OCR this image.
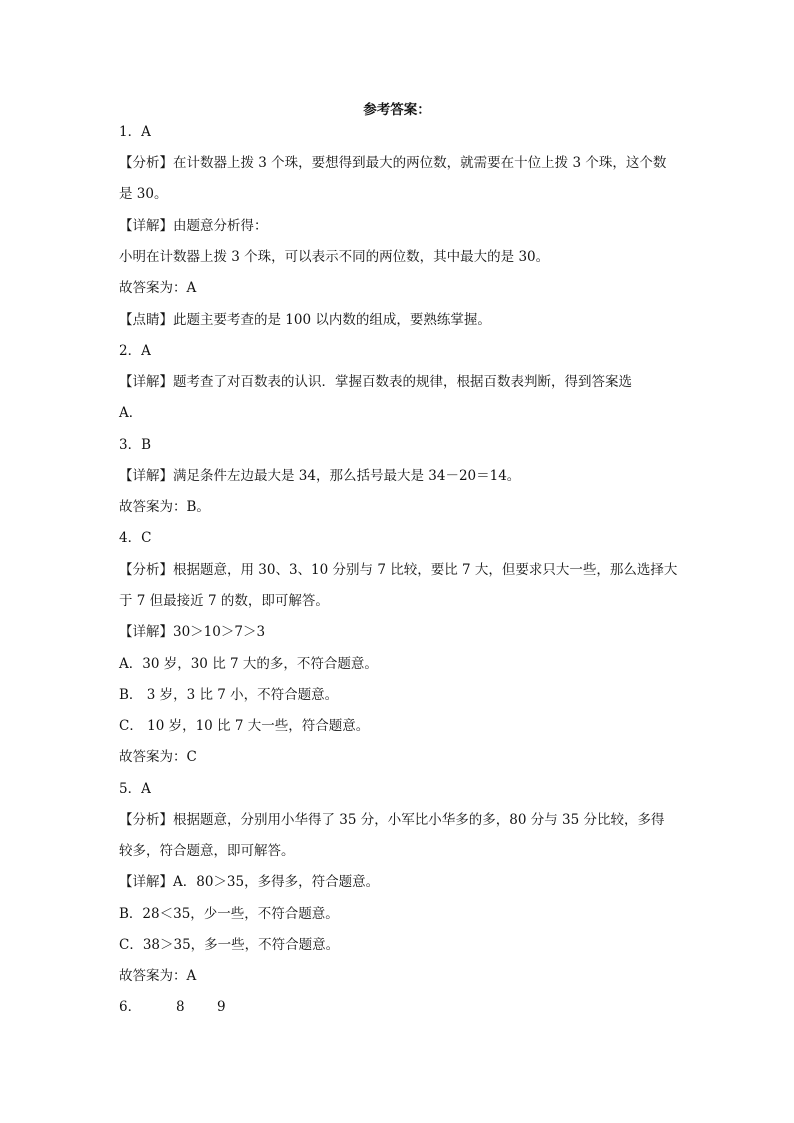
参考答案：
1．A
【分析】在计数器上拨 3 个珠，要想得到最大的两位数，就需要在十位上拨 3 个珠，这个数
是 30。
【详解】由题意分析得：
小明在计数器上拨 3 个珠，可以表示不同的两位数，其中最大的是 30。
故答案为：A
【点睛】此题主要考查的是 100 以内数的组成，要熟练掌握。
2．A
【详解】题考查了对百数表的认识．掌握百数表的规律，根据百数表判断，得到答案选
A．
3．B
【详解】满足条件左边最大是 34，那么括号最大是 34－20＝14。
故答案为：B。
4．C
【分析】根据题意，用 30、3、10 分别与 7 比较，要比 7 大，但要求只大一些，那么选择大
于 7 但最接近 7 的数，即可解答。
【详解】30＞10＞7＞3
A．30 岁，30 比 7 大的多，不符合题意。
B． 3 岁，3 比 7 小，不符合题意。
C． 10 岁，10 比 7 大一些，符合题意。
故答案为：C
5．A
【分析】根据题意，分别用小华得了 35 分，小军比小华多的多，80 分与 35 分比较，多得
较多，符合题意，即可解答。
【详解】A．80＞35，多得多，符合题意。
B．28＜35，少一些，不符合题意。
C．38＞35，多一些，不符合题意。
故答案为：A
6．	8 9
